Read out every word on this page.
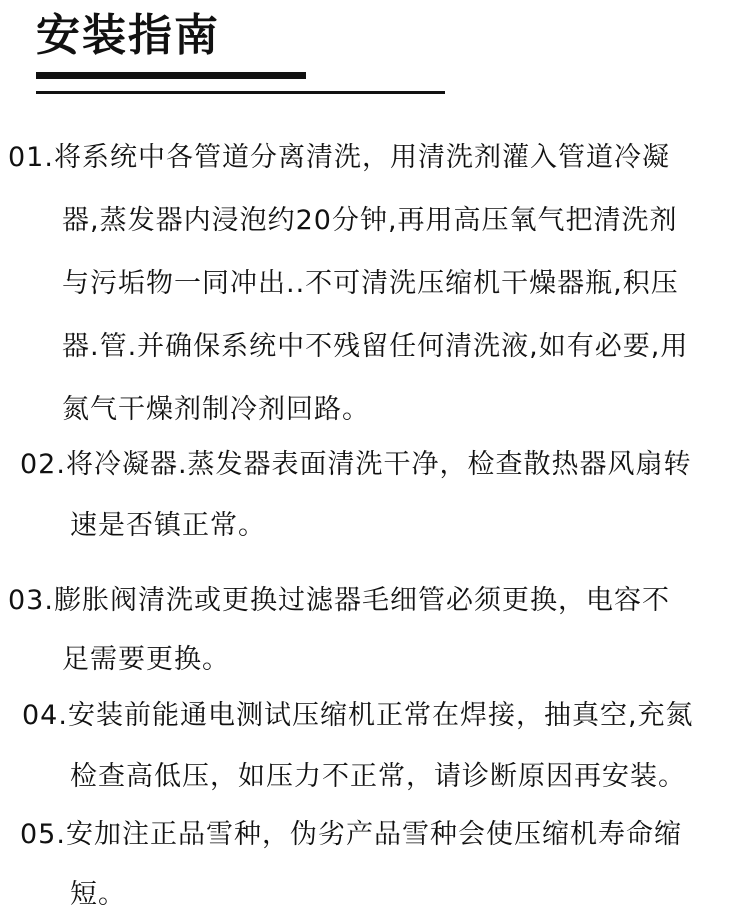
安装指南
01.将系统中各管道分离清洗，用清洗剂灌入管道冷凝
器,蒸发器内浸泡约20分钟,再用高压氧气把清洗剂
与污垢物一同冲出..不可清洗压缩机干燥器瓶,积压
器.管.并确保系统中不残留任何清洗液,如有必要,用
氮气干燥剂制冷剂回路。
02.将冷凝器.蒸发器表面清洗干净，检查散热器风扇转
速是否镇正常。
03.膨胀阀清洗或更换过滤器毛细管必须更换，电容不
足需要更换。
04.安装前能通电测试压缩机正常在焊接，抽真空,充氮
检查高低压，如压力不正常，请诊断原因再安装。
05.安加注正品雪种，伪劣产品雪种会使压缩机寿命缩
短。
